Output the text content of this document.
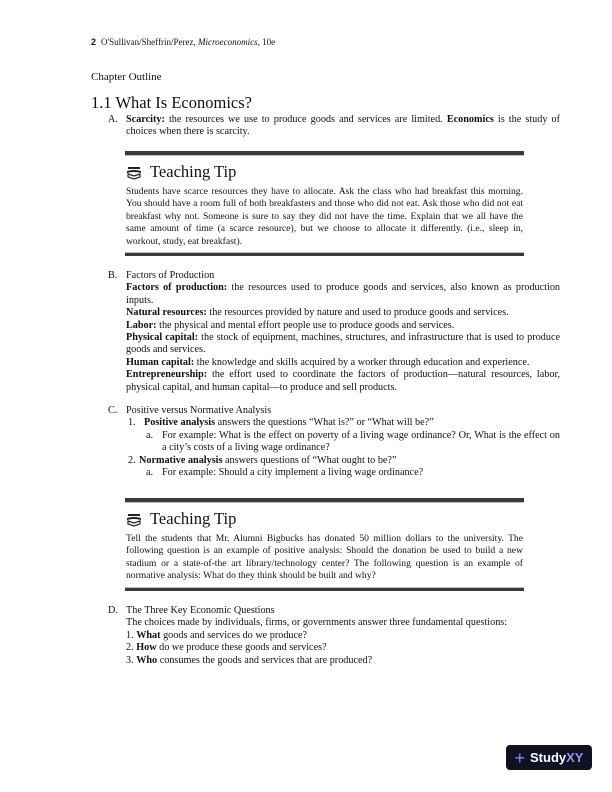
2 O'Sullivan/Sheffrin/Perez, Microeconomics, 10e
Chapter Outline
1.1 What Is Economics?
A. Scarcity: the resources we use to produce goods and services are limited. Economics is the study of choices when there is scarcity.
Teaching Tip
Students have scarce resources they have to allocate. Ask the class who had breakfast this morning. You should have a room full of both breakfasters and those who did not eat. Ask those who did not eat breakfast why not. Someone is sure to say they did not have the time. Explain that we all have the same amount of time (a scarce resource), but we choose to allocate it differently. (i.e., sleep in, workout, study, eat breakfast).
B. Factors of Production
Factors of production: the resources used to produce goods and services, also known as production inputs.
Natural resources: the resources provided by nature and used to produce goods and services.
Labor: the physical and mental effort people use to produce goods and services.
Physical capital: the stock of equipment, machines, structures, and infrastructure that is used to produce goods and services.
Human capital: the knowledge and skills acquired by a worker through education and experience.
Entrepreneurship: the effort used to coordinate the factors of production—natural resources, labor, physical capital, and human capital—to produce and sell products.
C. Positive versus Normative Analysis
1. Positive analysis answers the questions “What is?” or “What will be?”
a. For example: What is the effect on poverty of a living wage ordinance? Or, What is the effect on a city’s costs of a living wage ordinance?
2. Normative analysis answers questions of “What ought to be?”
a. For example: Should a city implement a living wage ordinance?
Teaching Tip
Tell the students that Mr. Alumni Bigbucks has donated 50 million dollars to the university. The following question is an example of positive analysis: Should the donation be used to build a new stadium or a state-of-the art library/technology center? The following question is an example of normative analysis: What do they think should be built and why?
D. The Three Key Economic Questions
The choices made by individuals, firms, or governments answer three fundamental questions:
1. What goods and services do we produce?
2. How do we produce these goods and services?
3. Who consumes the goods and services that are produced?
+ Study XY
